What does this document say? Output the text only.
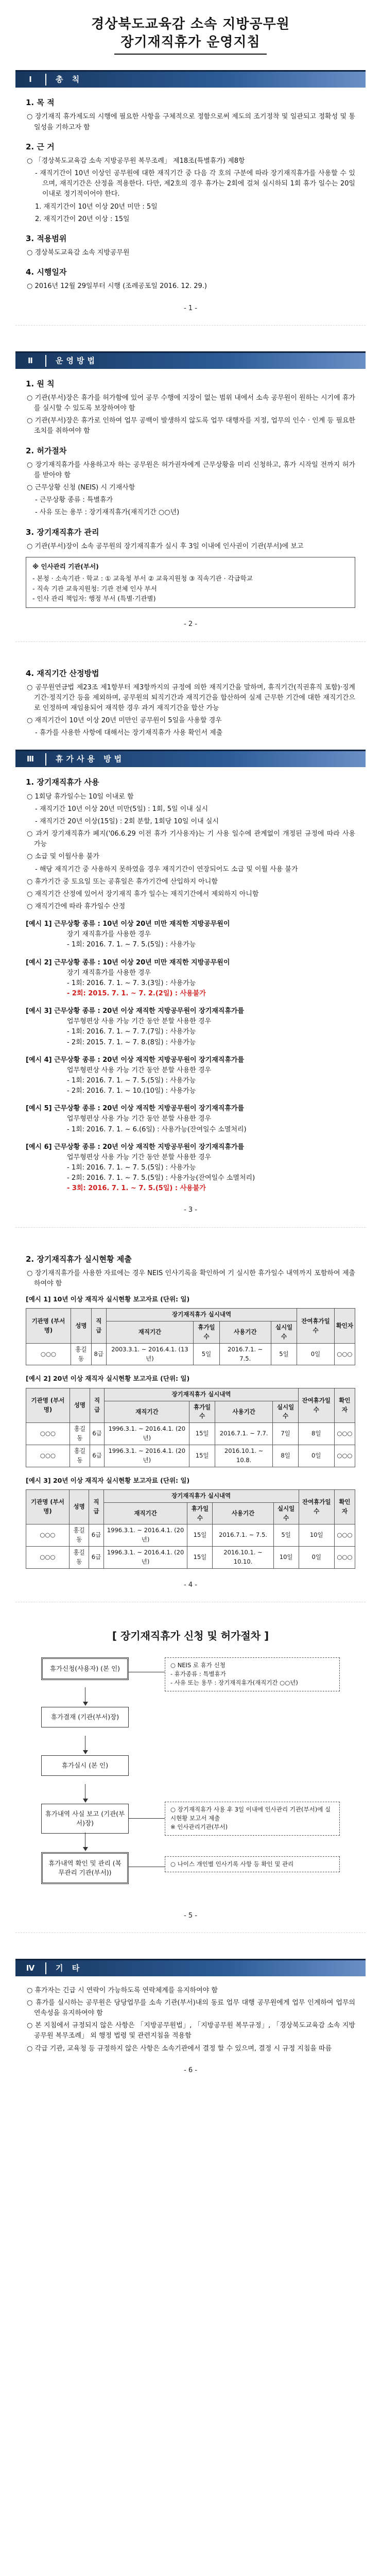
경상북도교육감 소속 지방공무원
장기재직휴가 운영지침
Ⅰ	총 칙
1. 목 적

○ 장기재직 휴가제도의 시행에 필요한 사항을 구체적으로 정함으로써 제도의 조기정착 및 일관되고 정확성 및 통일성을 기하고자 함

2. 근 거

○ 「경상북도교육감 소속 지방공무원 복무조례」 제18조(특별휴가) 제8항

- 재직기간이 10년 이상인 공무원에 대한 재직기간 중 다음 각 호의 구분에 따라 장기재직휴가를 사용할 수 있으며, 재직기간은 산정을 적용한다. 다만, 제2호의 경우 휴가는 2회에 걸쳐 실시하되 1회 휴가 일수는 20일 이내로 정기적이어야 한다.

1. 재직기간이 10년 이상 20년 미만 : 5일

2. 재직기간이 20년 이상 : 15일

3. 적용범위

○ 경상북도교육감 소속 지방공무원

4. 시행일자

○ 2016년 12월 29일부터 시행 (조례공포일 2016. 12. 29.)

- 1 -
Ⅱ	운영방법
1. 원 칙

○ 기관(부서)장은 휴가를 허가함에 있어 공무 수행에 지장이 없는 범위 내에서 소속 공무원이 원하는 시기에 휴가를 실시할 수 있도록 보장하여야 함

○ 기관(부서)장은 휴가로 인하여 업무 공백이 발생하지 않도록 업무 대행자를 지정, 업무의 인수 · 인계 등 필요한 조치를 취하여야 함

2. 허가절차

○ 장기재직휴가를 사용하고자 하는 공무원은 허가권자에게 근무상황을 미리 신청하고, 휴가 시작일 전까지 허가를 받아야 함

○ 근무상황 신청 (NEIS) 시 기재사항

- 근무상황 종류 : 특별휴가

- 사유 또는 용무 : 장기재직휴가(재직기간 ○○년)

3. 장기재직휴가 관리

○ 기관(부서)장이 소속 공무원의 장기재직휴가 실시 후 3일 이내에 인사권이 기관(부서)에 보고

※ 인사관리 기관(부서)
- 본청 · 소속기관 · 학교 : ① 교육청 부서 ② 교육지원청 ③ 직속기관 · 각급학교
- 직속 기관 교육지원청: 기관 전체 인사 부서
- 인사 관리 책임자: 행정 부서 (특별·기관별)
- 2 -
4. 재직기간 산정방법

○ 공무원연금법 제23조 제1항부터 제3항까지의 규정에 의한 재직기간을 말하며, 휴직기간(직권휴직 포함)·징계기간·정직기간 등을 제외하며, 공무원의 퇴직기간과 재직기간을 합산하여 실제 근무한 기간에 대한 재직기간으로 인정하며 재임용되어 재직한 경우 과거 재직기간을 합산 가능

○ 재직기간이 10년 이상 20년 미만인 공무원이 5일을 사용할 경우

- 휴가를 사용한 사항에 대해서는 장기재직휴가 사용 확인서 제출

Ⅲ	휴가사용 방법
1. 장기재직휴가 사용

○ 1회당 휴가일수는 10일 이내로 함

- 재직기간 10년 이상 20년 미만(5일) : 1회, 5일 이내 실시

- 재직기간 20년 이상(15일) : 2회 분할, 1회당 10일 이내 실시

○ 과거 장기재직휴가 폐지('06.6.29 이전 휴가 기사용자)는 기 사용 일수에 관계없이 개정된 규정에 따라 사용 가능

○ 소급 및 이월사용 불가

- 해당 재직기간 중 사용하지 못하였을 경우 재직기간이 연장되어도 소급 및 이월 사용 불가

○ 휴가기간 중 토요일 또는 공휴일은 휴가기간에 산입하지 아니함

○ 재직기간 산정에 있어서 장기재직 휴가 일수는 재직기간에서 제외하지 아니함

○ 재직기간에 따라 휴가일수 산정

[예시 1] 근무상황 종류 : 10년 이상 20년 미만 재직한 지방공무원이
장기 재직휴가를 사용한 경우
- 1회: 2016. 7. 1. ~ 7. 5.(5일) : 사용가능
[예시 2] 근무상황 종류 : 10년 이상 20년 미만 재직한 지방공무원이
장기 재직휴가를 사용한 경우
- 1회: 2016. 7. 1. ~ 7. 3.(3일) : 사용가능
- 2회: 2015. 7. 1. ~ 7. 2.(2일) : 사용불가
[예시 3] 근무상황 종류 : 20년 이상 재직한 지방공무원이 장기재직휴가를
업무형편상 사용 가능 기간 동안 분할 사용한 경우
- 1회: 2016. 7. 1. ~ 7. 7.(7일) : 사용가능
- 2회: 2015. 7. 1. ~ 7. 8.(8일) : 사용가능
[예시 4] 근무상황 종류 : 20년 이상 재직한 지방공무원이 장기재직휴가를
업무형편상 사용 가능 기간 동안 분할 사용한 경우
- 1회: 2016. 7. 1. ~ 7. 5.(5일) : 사용가능
- 2회: 2016. 7. 1. ~ 10.(10일) : 사용가능
[예시 5] 근무상황 종류 : 20년 이상 재직한 지방공무원이 장기재직휴가를
업무형편상 사용 가능 기간 동안 분할 사용한 경우
- 1회: 2016. 7. 1. ~ 6.(6일) : 사용가능(잔여일수 소멸처리)
[예시 6] 근무상황 종류 : 20년 이상 재직한 지방공무원이 장기재직휴가를
업무형편상 사용 가능 기간 동안 분할 사용한 경우
- 1회: 2016. 7. 1. ~ 7. 5.(5일) : 사용가능
- 2회: 2016. 7. 1. ~ 7. 5.(5일) : 사용가능(잔여일수 소멸처리)
- 3회: 2016. 7. 1. ~ 7. 5.(5일) : 사용불가
- 3 -
2. 장기재직휴가 실시현황 제출

○ 장기재직휴가를 사용한 자료에는 경우 NEIS 인사기록을 확인하여 기 실시한 휴가일수 내역까지 포함하여 제출하여야 함

[예시 1] 10년 이상 재직자 실시현황 보고자료 (단위: 일)
기관명 (부서명)	성명	직급	장기재직휴가 실시내역				잔여휴가일수	확인자
			재직기간	휴가일수	사용기간	실시일수		
○○○	홍길동	8급	2003.3.1. ~ 2016.4.1. (13년)	5일	2016.7.1. ~ 7.5.	5일	0일	○○○
[예시 2] 20년 이상 재직자 실시현황 보고자료 (단위: 일)
기관명 (부서명)	성명	직급	장기재직휴가 실시내역				잔여휴가일수	확인자
			재직기간	휴가일수	사용기간	실시일수		
○○○	홍길동	6급	1996.3.1. ~ 2016.4.1. (20년)	15일	2016.7.1. ~ 7.7.	7일	8일	○○○
○○○	홍길동	6급	1996.3.1. ~ 2016.4.1. (20년)	15일	2016.10.1. ~ 10.8.	8일	0일	○○○
[예시 3] 20년 이상 재직자 실시현황 보고자료 (단위: 일)
기관명 (부서명)	성명	직급	장기재직휴가 실시내역				잔여휴가일수	확인자
			재직기간	휴가일수	사용기간	실시일수		
○○○	홍길동	6급	1996.3.1. ~ 2016.4.1. (20년)	15일	2016.7.1. ~ 7.5.	5일	10일	○○○
○○○	홍길동	6급	1996.3.1. ~ 2016.4.1. (20년)	15일	2016.10.1. ~ 10.10.	10일	0일	○○○
- 4 -
[ 장기재직휴가 신청 및 허가절차 ]
휴가신청(사용자) (본 인)	○ NEIS 로 휴가 신청
- 휴가종류 : 특별휴가
- 사유 또는 용무 : 장기재직휴가(재직기간 ○○년)
휴가결재 (기관(부서)장)
휴가실시 (본 인)
휴가내역 사실 보고 (기관(부서)장)
○ 장기재직휴가 사용 후 3일 이내에 인사관리 기관(부서)에 실시현황 보고서 제출
※ 인사관리기관(부서)
휴가내역 확인 및 관리 (복무관리 기관(부서))
○ 나이스 개인별 인사기록 사항 등 확인 및 관리
- 5 -
Ⅳ	기 타

○ 휴가자는 긴급 시 연락이 가능하도록 연락체계를 유지하여야 함

○ 휴가를 실시하는 공무원은 당당업무를 소속 기관(부서)내의 동료 업무 대행 공무원에게 업무 인계하여 업무의 연속성을 유지하여야 함

○ 본 지침에서 규정되지 않은 사항은 「지방공무원법」, 「지방공무원 복무규정」, 「경상북도교육감 소속 지방공무원 복무조례」 외 행정 법령 및 관련지침을 적용함

○ 각급 기관, 교육청 등 규정하지 않은 사항은 소속기관에서 결정 할 수 있으며, 결정 시 규정 지침을 따름

- 6 -
